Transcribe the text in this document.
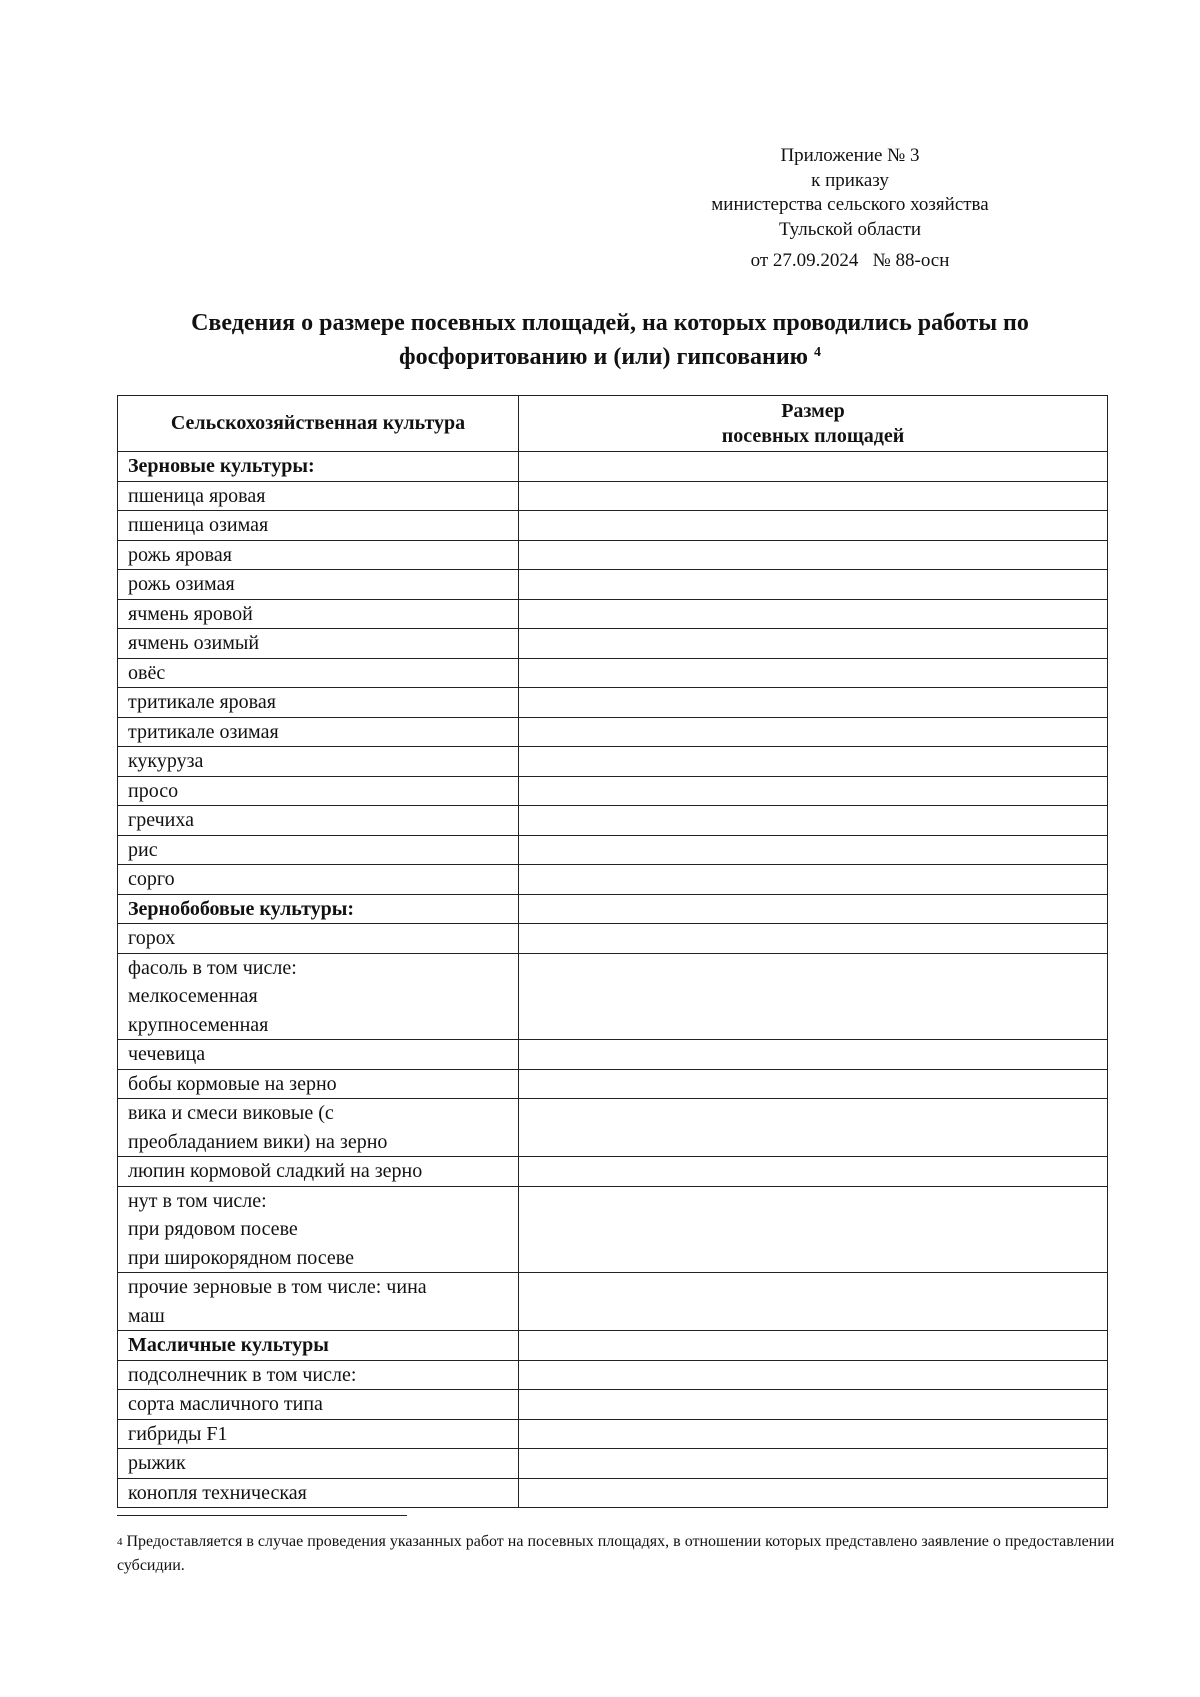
Приложение № 3
к приказу
министерства сельского хозяйства
Тульской области
от 27.09.2024   № 88-осн
Сведения о размере посевных площадей, на которых проводились работы по
фосфоритованию и (или) гипсованию $^4$
Сельскохозяйственная культура	Размер
посевных площадей

Зерновые культуры:	

пшеница яровая	

пшеница озимая	

рожь яровая	

рожь озимая	

ячмень яровой	

ячмень озимый	

овёс	

тритикале яровая	

тритикале озимая	

кукуруза	

просо	

гречиха	

рис	

сорго	

Зернобобовые культуры:	

горох	

фасоль в том числе:
мелкосеменная
крупносеменная	

чечевица	

бобы кормовые на зерно	

вика и смеси виковые (с
преобладанием вики) на зерно	

люпин кормовой сладкий на зерно	

нут в том числе:
при рядовом посеве
при широкорядном посеве	

прочие зерновые в том числе: чина
маш	

Масличные культуры	

подсолнечник в том числе:	

сорта масличного типа	

гибриды F1	

рыжик	

конопля техническая	

$^4$ Предоставляется в случае проведения указанных работ на посевных площадях, в отношении которых представлено заявление о предоставлении субсидии.
